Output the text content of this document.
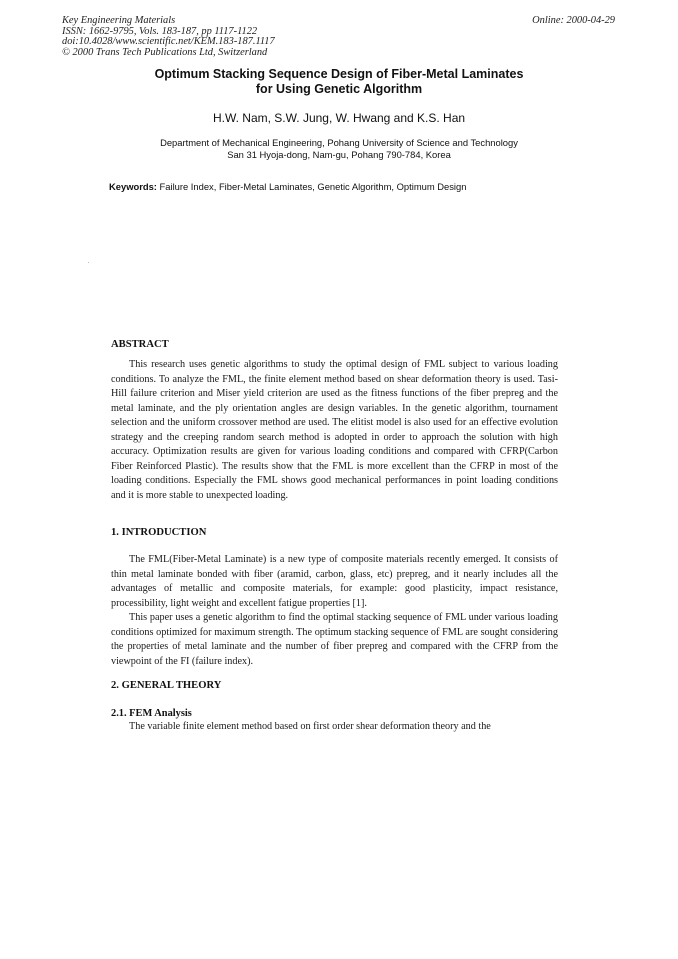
Key Engineering Materials
ISSN: 1662-9795, Vols. 183-187, pp 1117-1122
doi:10.4028/www.scientific.net/KEM.183-187.1117
© 2000 Trans Tech Publications Ltd, Switzerland
Online: 2000-04-29
Optimum Stacking Sequence Design of Fiber-Metal Laminates
for Using Genetic Algorithm
H.W. Nam, S.W. Jung, W. Hwang and K.S. Han
Department of Mechanical Engineering, Pohang University of Science and Technology
San 31 Hyoja-dong, Nam-gu, Pohang 790-784, Korea
Keywords: Failure Index, Fiber-Metal Laminates, Genetic Algorithm, Optimum Design
ABSTRACT

This research uses genetic algorithms to study the optimal design of FML subject to various loading conditions. To analyze the FML, the finite element method based on shear deformation theory is used. Tasi-Hill failure criterion and Miser yield criterion are used as the fitness functions of the fiber prepreg and the metal laminate, and the ply orientation angles are design variables. In the genetic algorithm, tournament selection and the uniform crossover method are used. The elitist model is also used for an effective evolution strategy and the creeping random search method is adopted in order to approach the solution with high accuracy. Optimization results are given for various loading conditions and compared with CFRP(Carbon Fiber Reinforced Plastic). The results show that the FML is more excellent than the CFRP in most of the loading conditions. Especially the FML shows good mechanical performances in point loading conditions and it is more stable to unexpected loading.

1. INTRODUCTION

The FML(Fiber-Metal Laminate) is a new type of composite materials recently emerged. It consists of thin metal laminate bonded with fiber (aramid, carbon, glass, etc) prepreg, and it nearly includes all the advantages of metallic and composite materials, for example: good plasticity, impact resistance, processibility, light weight and excellent fatigue properties [1].

This paper uses a genetic algorithm to find the optimal stacking sequence of FML under various loading conditions optimized for maximum strength. The optimum stacking sequence of FML are sought considering the properties of metal laminate and the number of fiber prepreg and compared with the CFRP from the viewpoint of the FI (failure index).

2. GENERAL THEORY
2.1. FEM Analysis

The variable finite element method based on first order shear deformation theory and the
